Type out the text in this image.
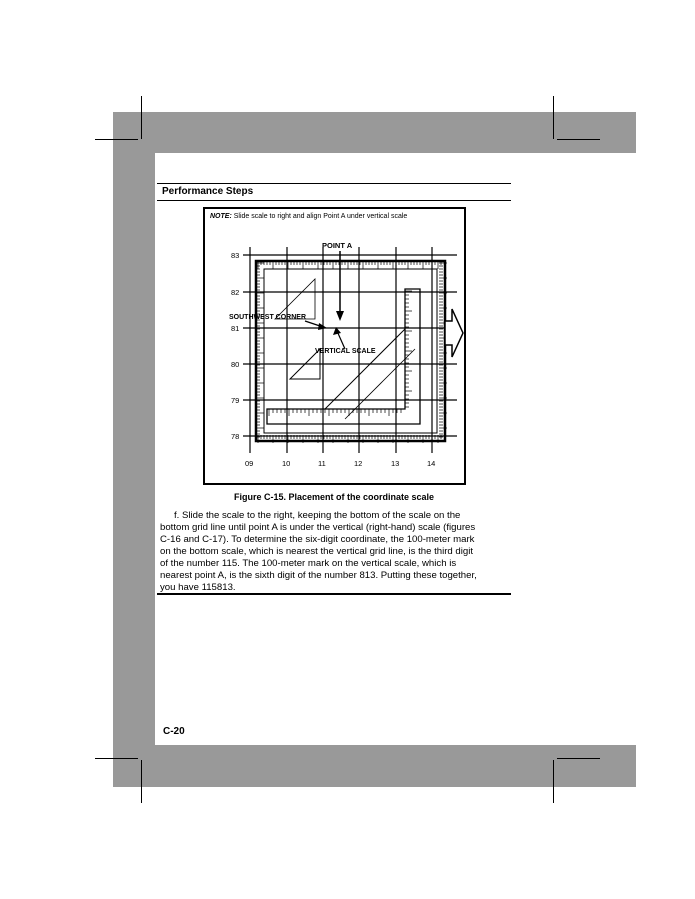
Performance Steps
NOTE: Slide scale to right and align Point A under vertical scale
POINT A
SOUTHWEST CORNER
VERTICAL SCALE
83
82
81
80
79
78
09	10	11	12	13	14
Figure C-15. Placement of the coordinate scale
f. Slide the scale to the right, keeping the bottom of the scale on the
bottom grid line until point A is under the vertical (right-hand) scale (figures
C-16 and C-17). To determine the six-digit coordinate, the 100-meter mark
on the bottom scale, which is nearest the vertical grid line, is the third digit
of the number 115. The 100-meter mark on the vertical scale, which is
nearest point A, is the sixth digit of the number 813. Putting these together,
you have 115813.
C-20
